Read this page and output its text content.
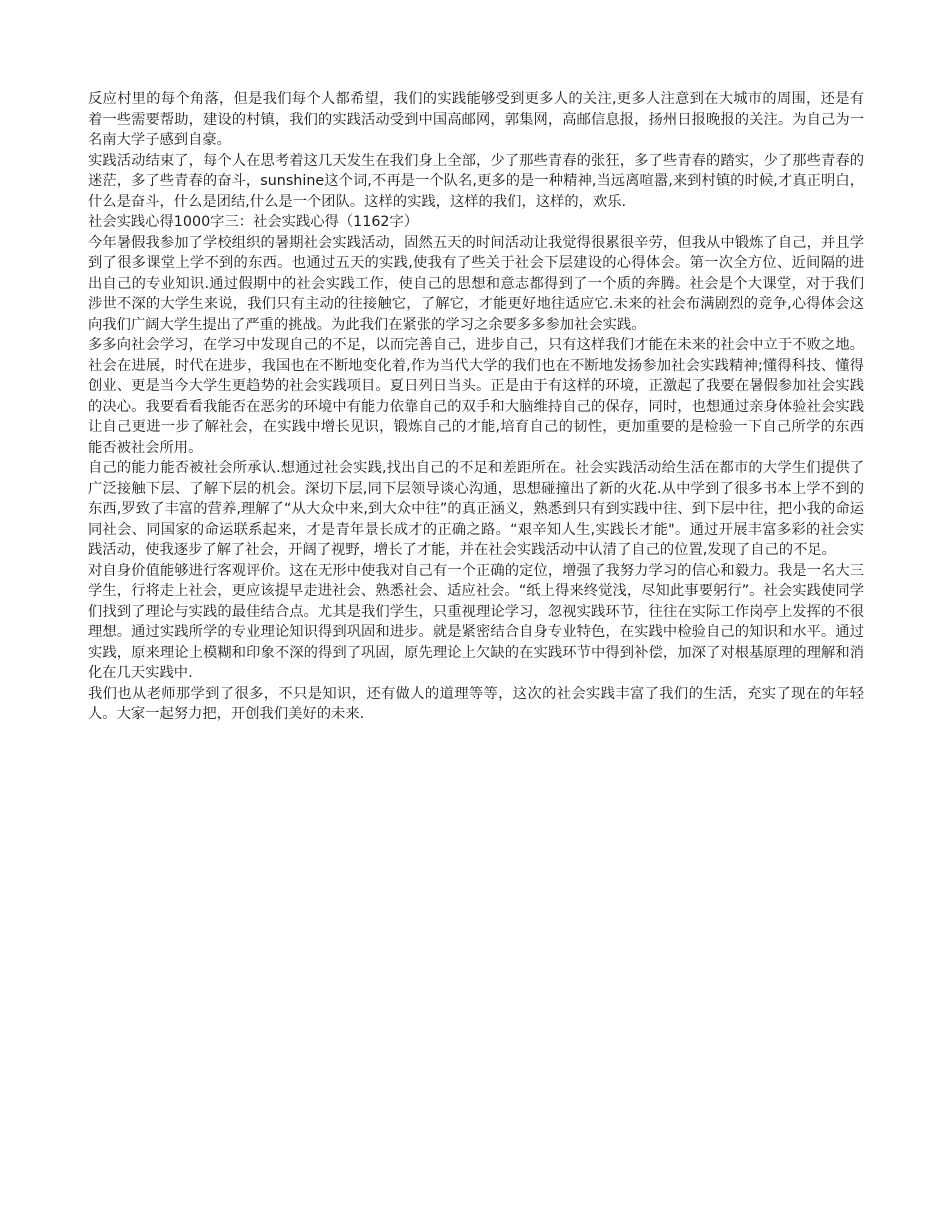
反应村里的每个角落，但是我们每个人都希望，我们的实践能够受到更多人的关注,更多人注意到在大城市的周围，还是有着一些需要帮助，建设的村镇，我们的实践活动受到中国高邮网，郭集网，高邮信息报，扬州日报晚报的关注。为自己为一名南大学子感到自豪。

实践活动结束了，每个人在思考着这几天发生在我们身上全部，少了那些青春的张狂，多了些青春的踏实，少了那些青春的迷茫，多了些青春的奋斗，sunshine这个词,不再是一个队名,更多的是一种精神,当远离喧嚣,来到村镇的时候,才真正明白，什么是奋斗，什么是团结,什么是一个团队。这样的实践，这样的我们，这样的，欢乐.

社会实践心得1000字三：社会实践心得（1162字）

今年暑假我参加了学校组织的暑期社会实践活动，固然五天的时间活动让我觉得很累很辛劳，但我从中锻炼了自己，并且学到了很多课堂上学不到的东西。也通过五天的实践,使我有了些关于社会下层建设的心得体会。第一次全方位、近间隔的进出自己的专业知识.通过假期中的社会实践工作，使自己的思想和意志都得到了一个质的奔腾。社会是个大课堂，对于我们涉世不深的大学生来说，我们只有主动的往接触它，了解它，才能更好地往适应它.未来的社会布满剧烈的竞争,心得体会这向我们广阔大学生提出了严重的挑战。为此我们在紧张的学习之余要多多参加社会实践。

多多向社会学习，在学习中发现自己的不足，以而完善自己，进步自己，只有这样我们才能在未来的社会中立于不败之地。社会在进展，时代在进步，我国也在不断地变化着,作为当代大学的我们也在不断地发扬参加社会实践精神;懂得科技、懂得创业、更是当今大学生更趋势的社会实践项目。夏日列日当头。正是由于有这样的环境，正激起了我要在暑假参加社会实践的决心。我要看看我能否在恶劣的环境中有能力依靠自己的双手和大脑维持自己的保存，同时，也想通过亲身体验社会实践让自己更进一步了解社会，在实践中增长见识，锻炼自己的才能,培育自己的韧性，更加重要的是检验一下自己所学的东西能否被社会所用。

自己的能力能否被社会所承认.想通过社会实践,找出自己的不足和差距所在。社会实践活动给生活在都市的大学生们提供了广泛接触下层、了解下层的机会。深切下层,同下层领导谈心沟通，思想碰撞出了新的火花.从中学到了很多书本上学不到的东西,罗致了丰富的营养,理解了“从大众中来,到大众中往”的真正涵义，熟悉到只有到实践中往、到下层中往，把小我的命运同社会、同国家的命运联系起来，才是青年景长成才的正确之路。“艰辛知人生,实践长才能"。通过开展丰富多彩的社会实践活动，使我逐步了解了社会，开阔了视野，增长了才能，并在社会实践活动中认清了自己的位置,发现了自己的不足。

对自身价值能够进行客观评价。这在无形中使我对自己有一个正确的定位，增强了我努力学习的信心和毅力。我是一名大三学生，行将走上社会，更应该提早走进社会、熟悉社会、适应社会。“纸上得来终觉浅，尽知此事要躬行”。社会实践使同学们找到了理论与实践的最佳结合点。尤其是我们学生，只重视理论学习，忽视实践环节，往往在实际工作岗亭上发挥的不很理想。通过实践所学的专业理论知识得到巩固和进步。就是紧密结合自身专业特色，在实践中检验自己的知识和水平。通过实践，原来理论上模糊和印象不深的得到了巩固，原先理论上欠缺的在实践环节中得到补偿，加深了对根基原理的理解和消化在几天实践中.

我们也从老师那学到了很多，不只是知识，还有做人的道理等等，这次的社会实践丰富了我们的生活，充实了现在的年轻人。大家一起努力把，开创我们美好的未来.
